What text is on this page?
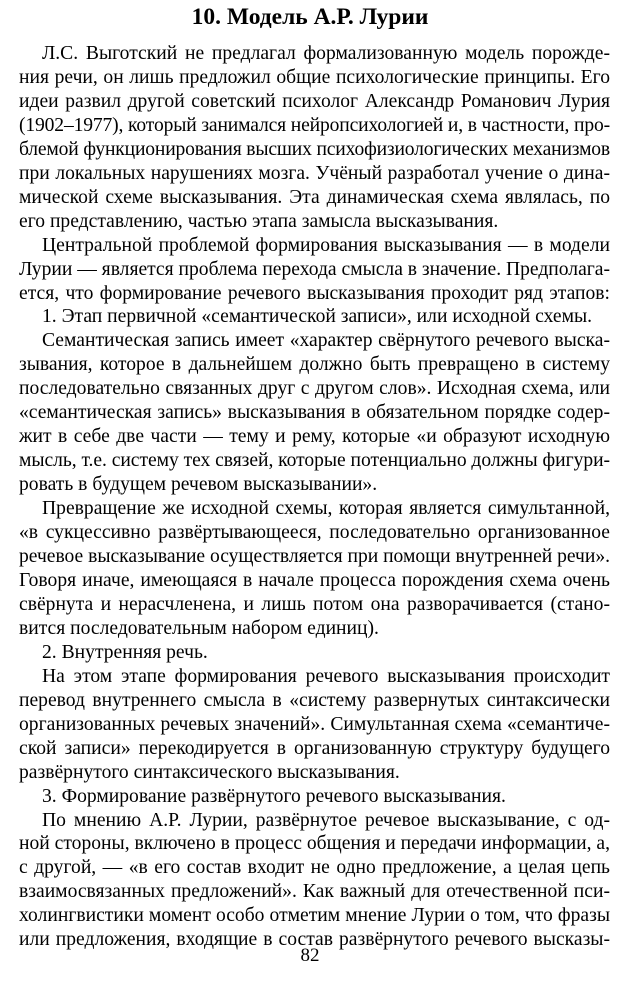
10. Модель А.Р. Лурии
Л.С. Выготский не предлагал формализованную модель порожде-
ния речи, он лишь предложил общие психологические принципы. Его
идеи развил другой советский психолог Александр Романович Лурия
(1902–1977), который занимался нейропсихологией и, в частности, про-
блемой функционирования высших психофизиологических механизмов
при локальных нарушениях мозга. Учёный разработал учение о дина-
мической схеме высказывания. Эта динамическая схема являлась, по
его представлению, частью этапа замысла высказывания.
Центральной проблемой формирования высказывания — в модели
Лурии — является проблема перехода смысла в значение. Предполага-
ется, что формирование речевого высказывания проходит ряд этапов:
1. Этап первичной «семантической записи», или исходной схемы.
Семантическая запись имеет «характер свёрнутого речевого выска-
зывания, которое в дальнейшем должно быть превращено в систему
последовательно связанных друг с другом слов». Исходная схема, или
«семантическая запись» высказывания в обязательном порядке содер-
жит в себе две части — тему и рему, которые «и образуют исходную
мысль, т.е. систему тех связей, которые потенциально должны фигури-
ровать в будущем речевом высказывании».
Превращение же исходной схемы, которая является симультанной,
«в сукцессивно развёртывающееся, последовательно организованное
речевое высказывание осуществляется при помощи внутренней речи».
Говоря иначе, имеющаяся в начале процесса порождения схема очень
свёрнута и нерасчленена, и лишь потом она разворачивается (стано-
вится последовательным набором единиц).
2. Внутренняя речь.
На этом этапе формирования речевого высказывания происходит
перевод внутреннего смысла в «систему развернутых синтаксически
организованных речевых значений». Симультанная схема «семантиче-
ской записи» перекодируется в организованную структуру будущего
развёрнутого синтаксического высказывания.
3. Формирование развёрнутого речевого высказывания.
По мнению А.Р. Лурии, развёрнутое речевое высказывание, с од-
ной стороны, включено в процесс общения и передачи информации, а,
с другой, — «в его состав входит не одно предложение, а целая цепь
взаимосвязанных предложений». Как важный для отечественной пси-
холингвистики момент особо отметим мнение Лурии о том, что фразы
или предложения, входящие в состав развёрнутого речевого высказы-
82
